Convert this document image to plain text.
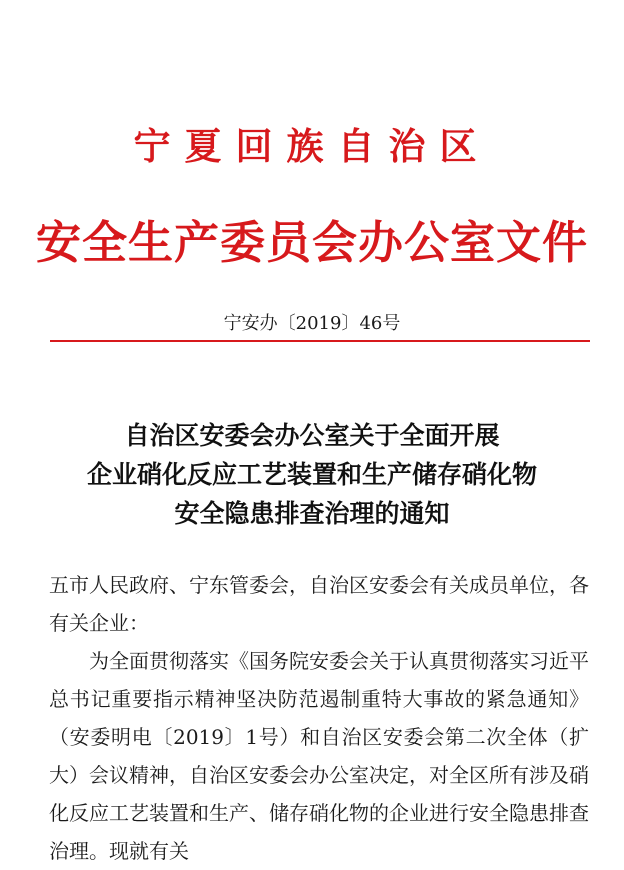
宁夏回族自治区
安全生产委员会办公室文件
宁安办〔2019〕46号
自治区安委会办公室关于全面开展
企业硝化反应工艺装置和生产储存硝化物
安全隐患排查治理的通知

五市人民政府、宁东管委会，自治区安委会有关成员单位，各有关企业：

为全面贯彻落实《国务院安委会关于认真贯彻落实习近平总书记重要指示精神坚决防范遏制重特大事故的紧急通知》（安委明电〔2019〕1号）和自治区安委会第二次全体（扩大）会议精神，自治区安委会办公室决定，对全区所有涉及硝化反应工艺装置和生产、储存硝化物的企业进行安全隐患排查治理。现就有关
